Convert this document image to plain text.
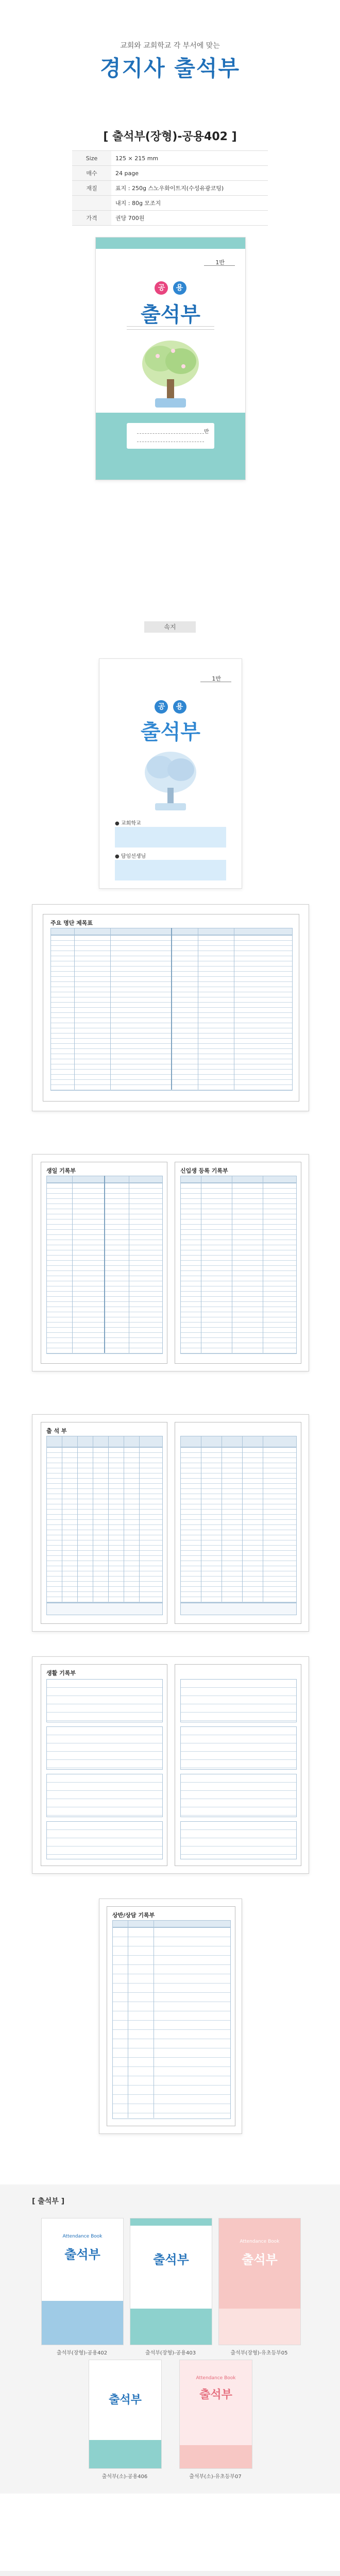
교회와 교회학교 각 부서에 맞는
경지사 출석부
[ 출석부(장형)-공용402 ]
Size	125 × 215 mm
매수	24 page
재질	표지 : 250g 스노우화이트지(수성유광코팅)
	내지 : 80g 모조지
가격	권당 700원
1반
공 용
출석부
반
속지
1반
공 용
출석부
● 교회학교
● 담임선생님
주요 명단 제목표
생일 기록부	신입생 등록 기록부
출 석 부
생활 기록부
상반/상담 기록부
[ 출석부 ]
출석부
Attendance Book
출석부(장형)-공용402
출석부
출석부(장형)-공용403
Attendance Book
출석부
출석부(장형)-유초등부05
출석부
출석부(소)-공용406
Attendance Book
출석부
출석부(소)-유초등부07
